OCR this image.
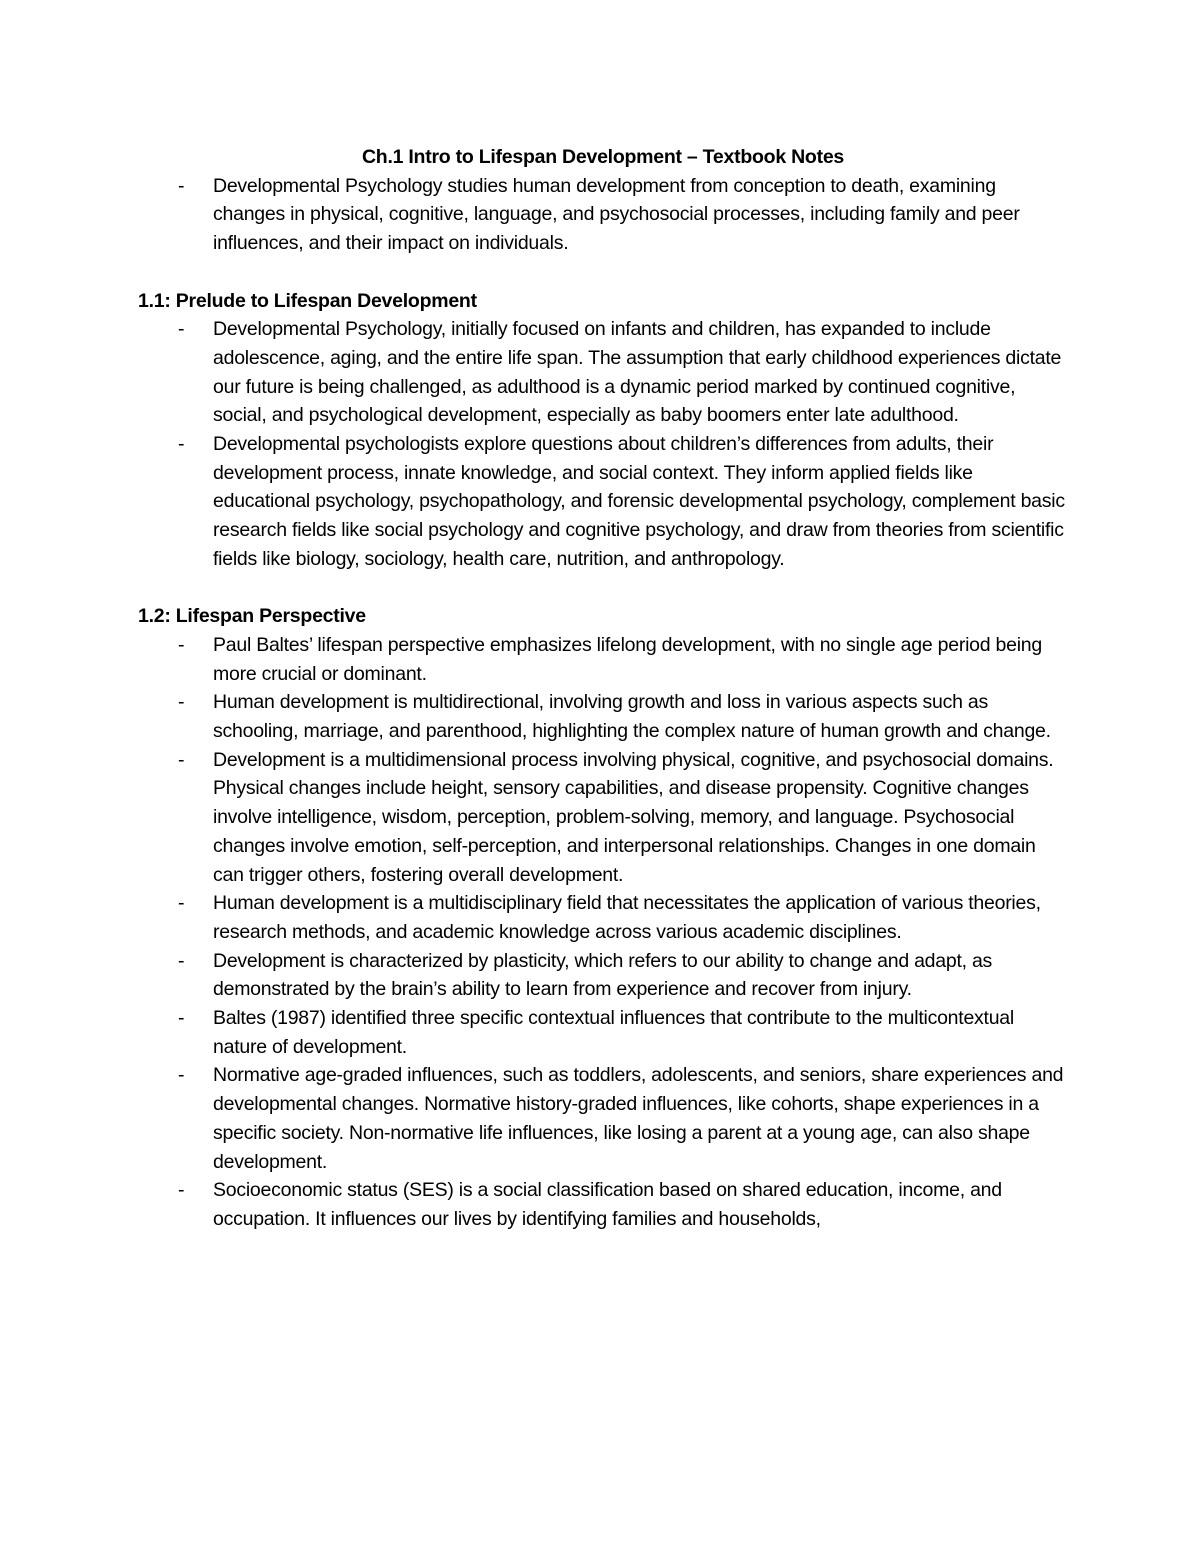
Ch.1 Intro to Lifespan Development – Textbook Notes

- Developmental Psychology studies human development from conception to death, examining changes in physical, cognitive, language, and psychosocial processes, including family and peer influences, and their impact on individuals.

1.1: Prelude to Lifespan Development

- Developmental Psychology, initially focused on infants and children, has expanded to include adolescence, aging, and the entire life span. The assumption that early childhood experiences dictate our future is being challenged, as adulthood is a dynamic period marked by continued cognitive, social, and psychological development, especially as baby boomers enter late adulthood.
- Developmental psychologists explore questions about children’s differences from adults, their development process, innate knowledge, and social context. They inform applied fields like educational psychology, psychopathology, and forensic developmental psychology, complement basic research fields like social psychology and cognitive psychology, and draw from theories from scientific fields like biology, sociology, health care, nutrition, and anthropology.

1.2: Lifespan Perspective

- Paul Baltes’ lifespan perspective emphasizes lifelong development, with no single age period being more crucial or dominant.
- Human development is multidirectional, involving growth and loss in various aspects such as schooling, marriage, and parenthood, highlighting the complex nature of human growth and change.
- Development is a multidimensional process involving physical, cognitive, and psychosocial domains. Physical changes include height, sensory capabilities, and disease propensity. Cognitive changes involve intelligence, wisdom, perception, problem-solving, memory, and language. Psychosocial changes involve emotion, self-perception, and interpersonal relationships. Changes in one domain can trigger others, fostering overall development.
- Human development is a multidisciplinary field that necessitates the application of various theories, research methods, and academic knowledge across various academic disciplines.
- Development is characterized by plasticity, which refers to our ability to change and adapt, as demonstrated by the brain’s ability to learn from experience and recover from injury.
- Baltes (1987) identified three specific contextual influences that contribute to the multicontextual nature of development.
- Normative age-graded influences, such as toddlers, adolescents, and seniors, share experiences and developmental changes. Normative history-graded influences, like cohorts, shape experiences in a specific society. Non-normative life influences, like losing a parent at a young age, can also shape development.
- Socioeconomic status (SES) is a social classification based on shared education, income, and occupation. It influences our lives by identifying families and households,
